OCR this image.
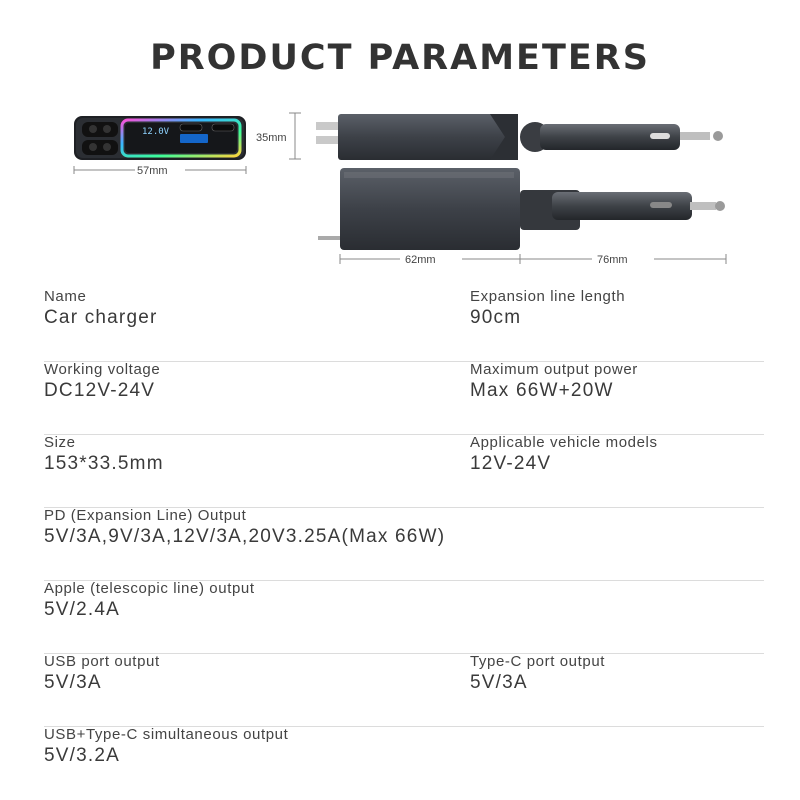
PRODUCT PARAMETERS
12.0V
57mm
35mm
62mm	76mm
Name
Car charger
Expansion line length
90cm
Working voltage
DC12V-24V
Maximum output power
Max 66W+20W
Size
153*33.5mm
Applicable vehicle models
12V-24V
PD (Expansion Line) Output
5V/3A,9V/3A,12V/3A,20V3.25A(Max 66W)
Apple (telescopic line) output
5V/2.4A
USB port output
5V/3A
Type-C port output
5V/3A
USB+Type-C simultaneous output
5V/3.2A
